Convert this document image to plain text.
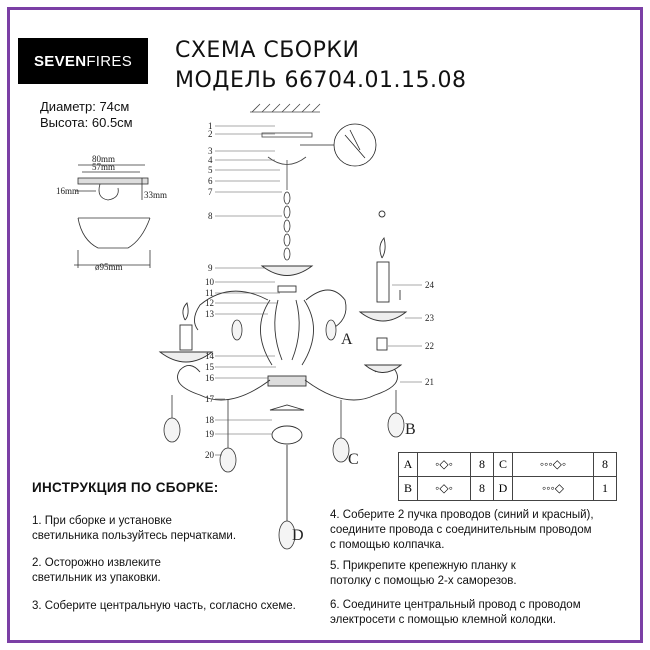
SEVEN FIRES СХЕМА СБОРКИ
МОДЕЛЬ 66704.01.15.08
Диаметр: 74см
Высота: 60.5см
80mm
57mm
16mm	33mm
ø95mm
1
2
3
4
5
6
7
8
9
10
11
12
13
14
15
16
17
18
19
20
21
22
23
24
A
B
C
D
A	◦◇◦	8	C	◦◦◦◇◦	8
B	◦◇◦	8	D	◦◦◦◇	1
ИНСТРУКЦИЯ ПО СБОРКЕ:
1. При сборке и установке
светильника пользуйтесь перчатками.
2. Осторожно извлеките
светильник из упаковки.
3. Соберите центральную часть, согласно схеме.
4. Соберите 2 пучка проводов (синий и красный),
соедините провода с соединительным проводом
с помощью колпачка.
5. Прикрепите крепежную планку к
потолку с помощью 2-х саморезов.
6. Соедините центральный провод с проводом
электросети с помощью клемной колодки.
